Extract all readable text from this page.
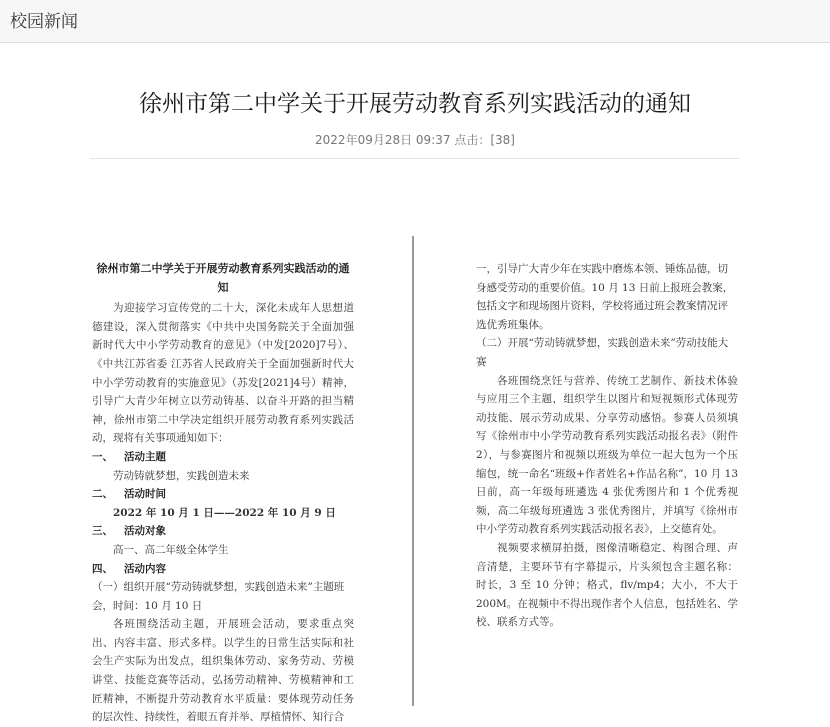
校园新闻
徐州市第二中学关于开展劳动教育系列实践活动的通知
2022年09月28日 09:37 点击：[38]
徐州市第二中学关于开展劳动教育系列实践活动的通知

为迎接学习宣传党的二十大，深化未成年人思想道德建设，深入贯彻落实《中共中央国务院关于全面加强新时代大中小学劳动教育的意见》（中发[2020]7号）、《中共江苏省委 江苏省人民政府关于全面加强新时代大中小学劳动教育的实施意见》（苏发[2021]4号）精神，引导广大青少年树立以劳动铸基、以奋斗开路的担当精神，徐州市第二中学决定组织开展劳动教育系列实践活动，现将有关事项通知如下：

一、 活动主题

劳动铸就梦想，实践创造未来

二、 活动时间

2022 年 10 月 1 日——2022 年 10 月 9 日

三、 活动对象

高一、高二年级全体学生

四、 活动内容

（一）组织开展“劳动铸就梦想，实践创造未来”主题班会，时间：10 月 10 日

各班围绕活动主题，开展班会活动，要求重点突出、内容丰富、形式多样。以学生的日常生活实际和社会生产实际为出发点，组织集体劳动、家务劳动、劳模讲堂、技能竞赛等活动，弘扬劳动精神、劳模精神和工匠精神，不断提升劳动教育水平质量：要体现劳动任务的层次性、持续性，着眼五育并举、厚植情怀、知行合

一，引导广大青少年在实践中磨炼本领、锤炼品德，切身感受劳动的重要价值。10 月 13 日前上报班会教案，包括文字和现场图片资料，学校将通过班会教案情况评选优秀班集体。

（二）开展“劳动铸就梦想，实践创造未来”劳动技能大赛

各班围绕烹饪与营养、传统工艺制作、新技术体验与应用三个主题，组织学生以图片和短视频形式体现劳动技能、展示劳动成果、分享劳动感悟。参赛人员须填写《徐州市中小学劳动教育系列实践活动报名表》（附件 2），与参赛图片和视频以班级为单位一起大包为一个压缩包，统一命名“班级+作者姓名+作品名称”，10 月 13 日前，高一年级每班遴选 4 张优秀图片和 1 个优秀视频，高二年级每班遴选 3 张优秀图片，并填写《徐州市中小学劳动教育系列实践活动报名表》，上交德育处。

视频要求横屏拍摄，图像清晰稳定、构图合理、声音清楚，主要环节有字幕提示，片头须包含主题名称：时长，3 至 10 分钟；格式，flv/mp4；大小，不大于 200M。在视频中不得出现作者个人信息，包括姓名、学校、联系方式等。
